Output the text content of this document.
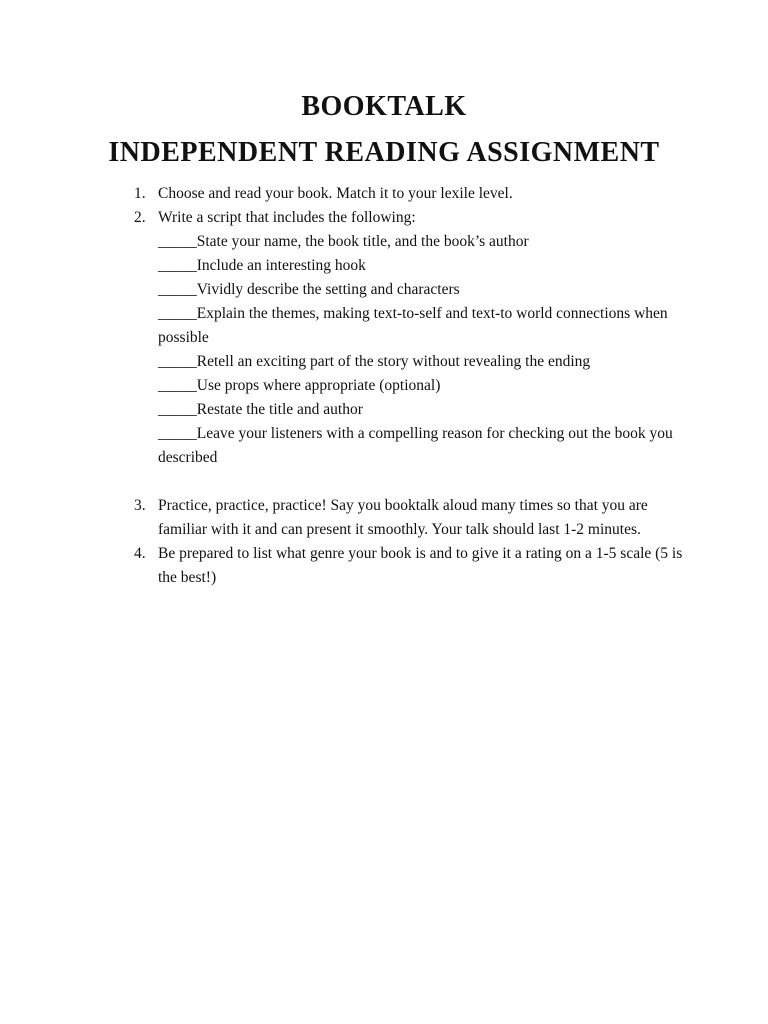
BOOKTALK
INDEPENDENT READING ASSIGNMENT
1. Choose and read your book. Match it to your lexile level.
2. Write a script that includes the following:
_____State your name, the book title, and the book’s author
_____Include an interesting hook
_____Vividly describe the setting and characters
_____Explain the themes, making text-to-self and text-to world connections when possible
_____Retell an exciting part of the story without revealing the ending
_____Use props where appropriate (optional)
_____Restate the title and author
_____Leave your listeners with a compelling reason for checking out the book you described
3. Practice, practice, practice! Say you booktalk aloud many times so that you are familiar with it and can present it smoothly. Your talk should last 1-2 minutes.
4. Be prepared to list what genre your book is and to give it a rating on a 1-5 scale (5 is the best!)
